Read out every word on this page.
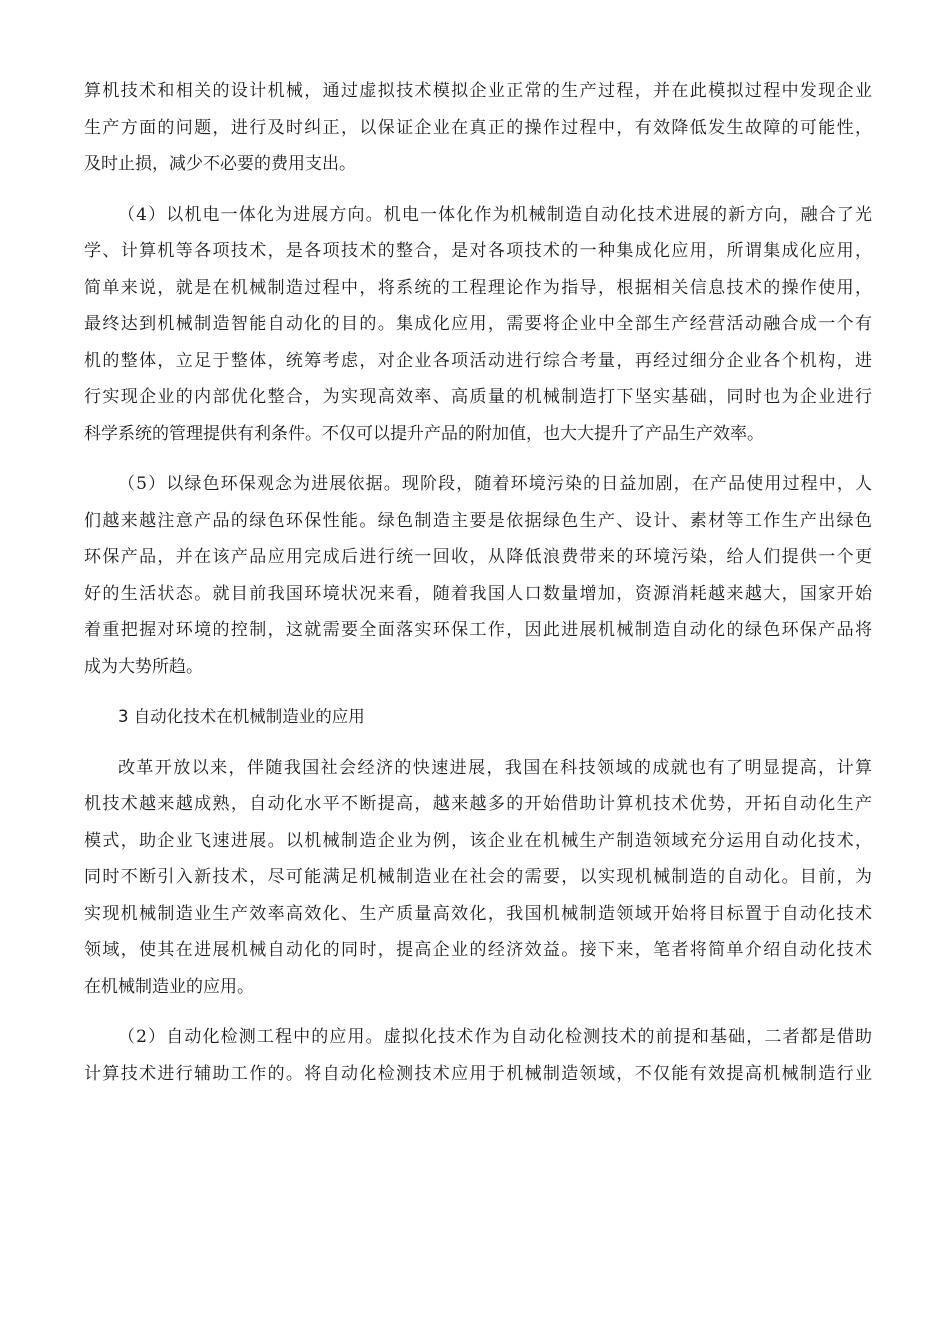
算机技术和相关的设计机械，通过虚拟技术模拟企业正常的生产过程，并在此模拟过程中发现企业
生产方面的问题，进行及时纠正，以保证企业在真正的操作过程中，有效降低发生故障的可能性，
及时止损，减少不必要的费用支出。
（4）以机电一体化为进展方向。机电一体化作为机械制造自动化技术进展的新方向，融合了光
学、计算机等各项技术，是各项技术的整合，是对各项技术的一种集成化应用，所谓集成化应用，
简单来说，就是在机械制造过程中，将系统的工程理论作为指导，根据相关信息技术的操作使用，
最终达到机械制造智能自动化的目的。集成化应用，需要将企业中全部生产经营活动融合成一个有
机的整体，立足于整体，统筹考虑，对企业各项活动进行综合考量，再经过细分企业各个机构，进
行实现企业的内部优化整合，为实现高效率、高质量的机械制造打下坚实基础，同时也为企业进行
科学系统的管理提供有利条件。不仅可以提升产品的附加值，也大大提升了产品生产效率。
（5）以绿色环保观念为进展依据。现阶段，随着环境污染的日益加剧，在产品使用过程中，人
们越来越注意产品的绿色环保性能。绿色制造主要是依据绿色生产、设计、素材等工作生产出绿色
环保产品，并在该产品应用完成后进行统一回收，从降低浪费带来的环境污染，给人们提供一个更
好的生活状态。就目前我国环境状况来看，随着我国人口数量增加，资源消耗越来越大，国家开始
着重把握对环境的控制，这就需要全面落实环保工作，因此进展机械制造自动化的绿色环保产品将
成为大势所趋。
3 自动化技术在机械制造业的应用
改革开放以来，伴随我国社会经济的快速进展，我国在科技领域的成就也有了明显提高，计算
机技术越来越成熟，自动化水平不断提高，越来越多的开始借助计算机技术优势，开拓自动化生产
模式，助企业飞速进展。以机械制造企业为例，该企业在机械生产制造领域充分运用自动化技术，
同时不断引入新技术，尽可能满足机械制造业在社会的需要，以实现机械制造的自动化。目前，为
实现机械制造业生产效率高效化、生产质量高效化，我国机械制造领域开始将目标置于自动化技术
领域，使其在进展机械自动化的同时，提高企业的经济效益。接下来，笔者将简单介绍自动化技术
在机械制造业的应用。
（2）自动化检测工程中的应用。虚拟化技术作为自动化检测技术的前提和基础，二者都是借助
计算技术进行辅助工作的。将自动化检测技术应用于机械制造领域，不仅能有效提高机械制造行业
